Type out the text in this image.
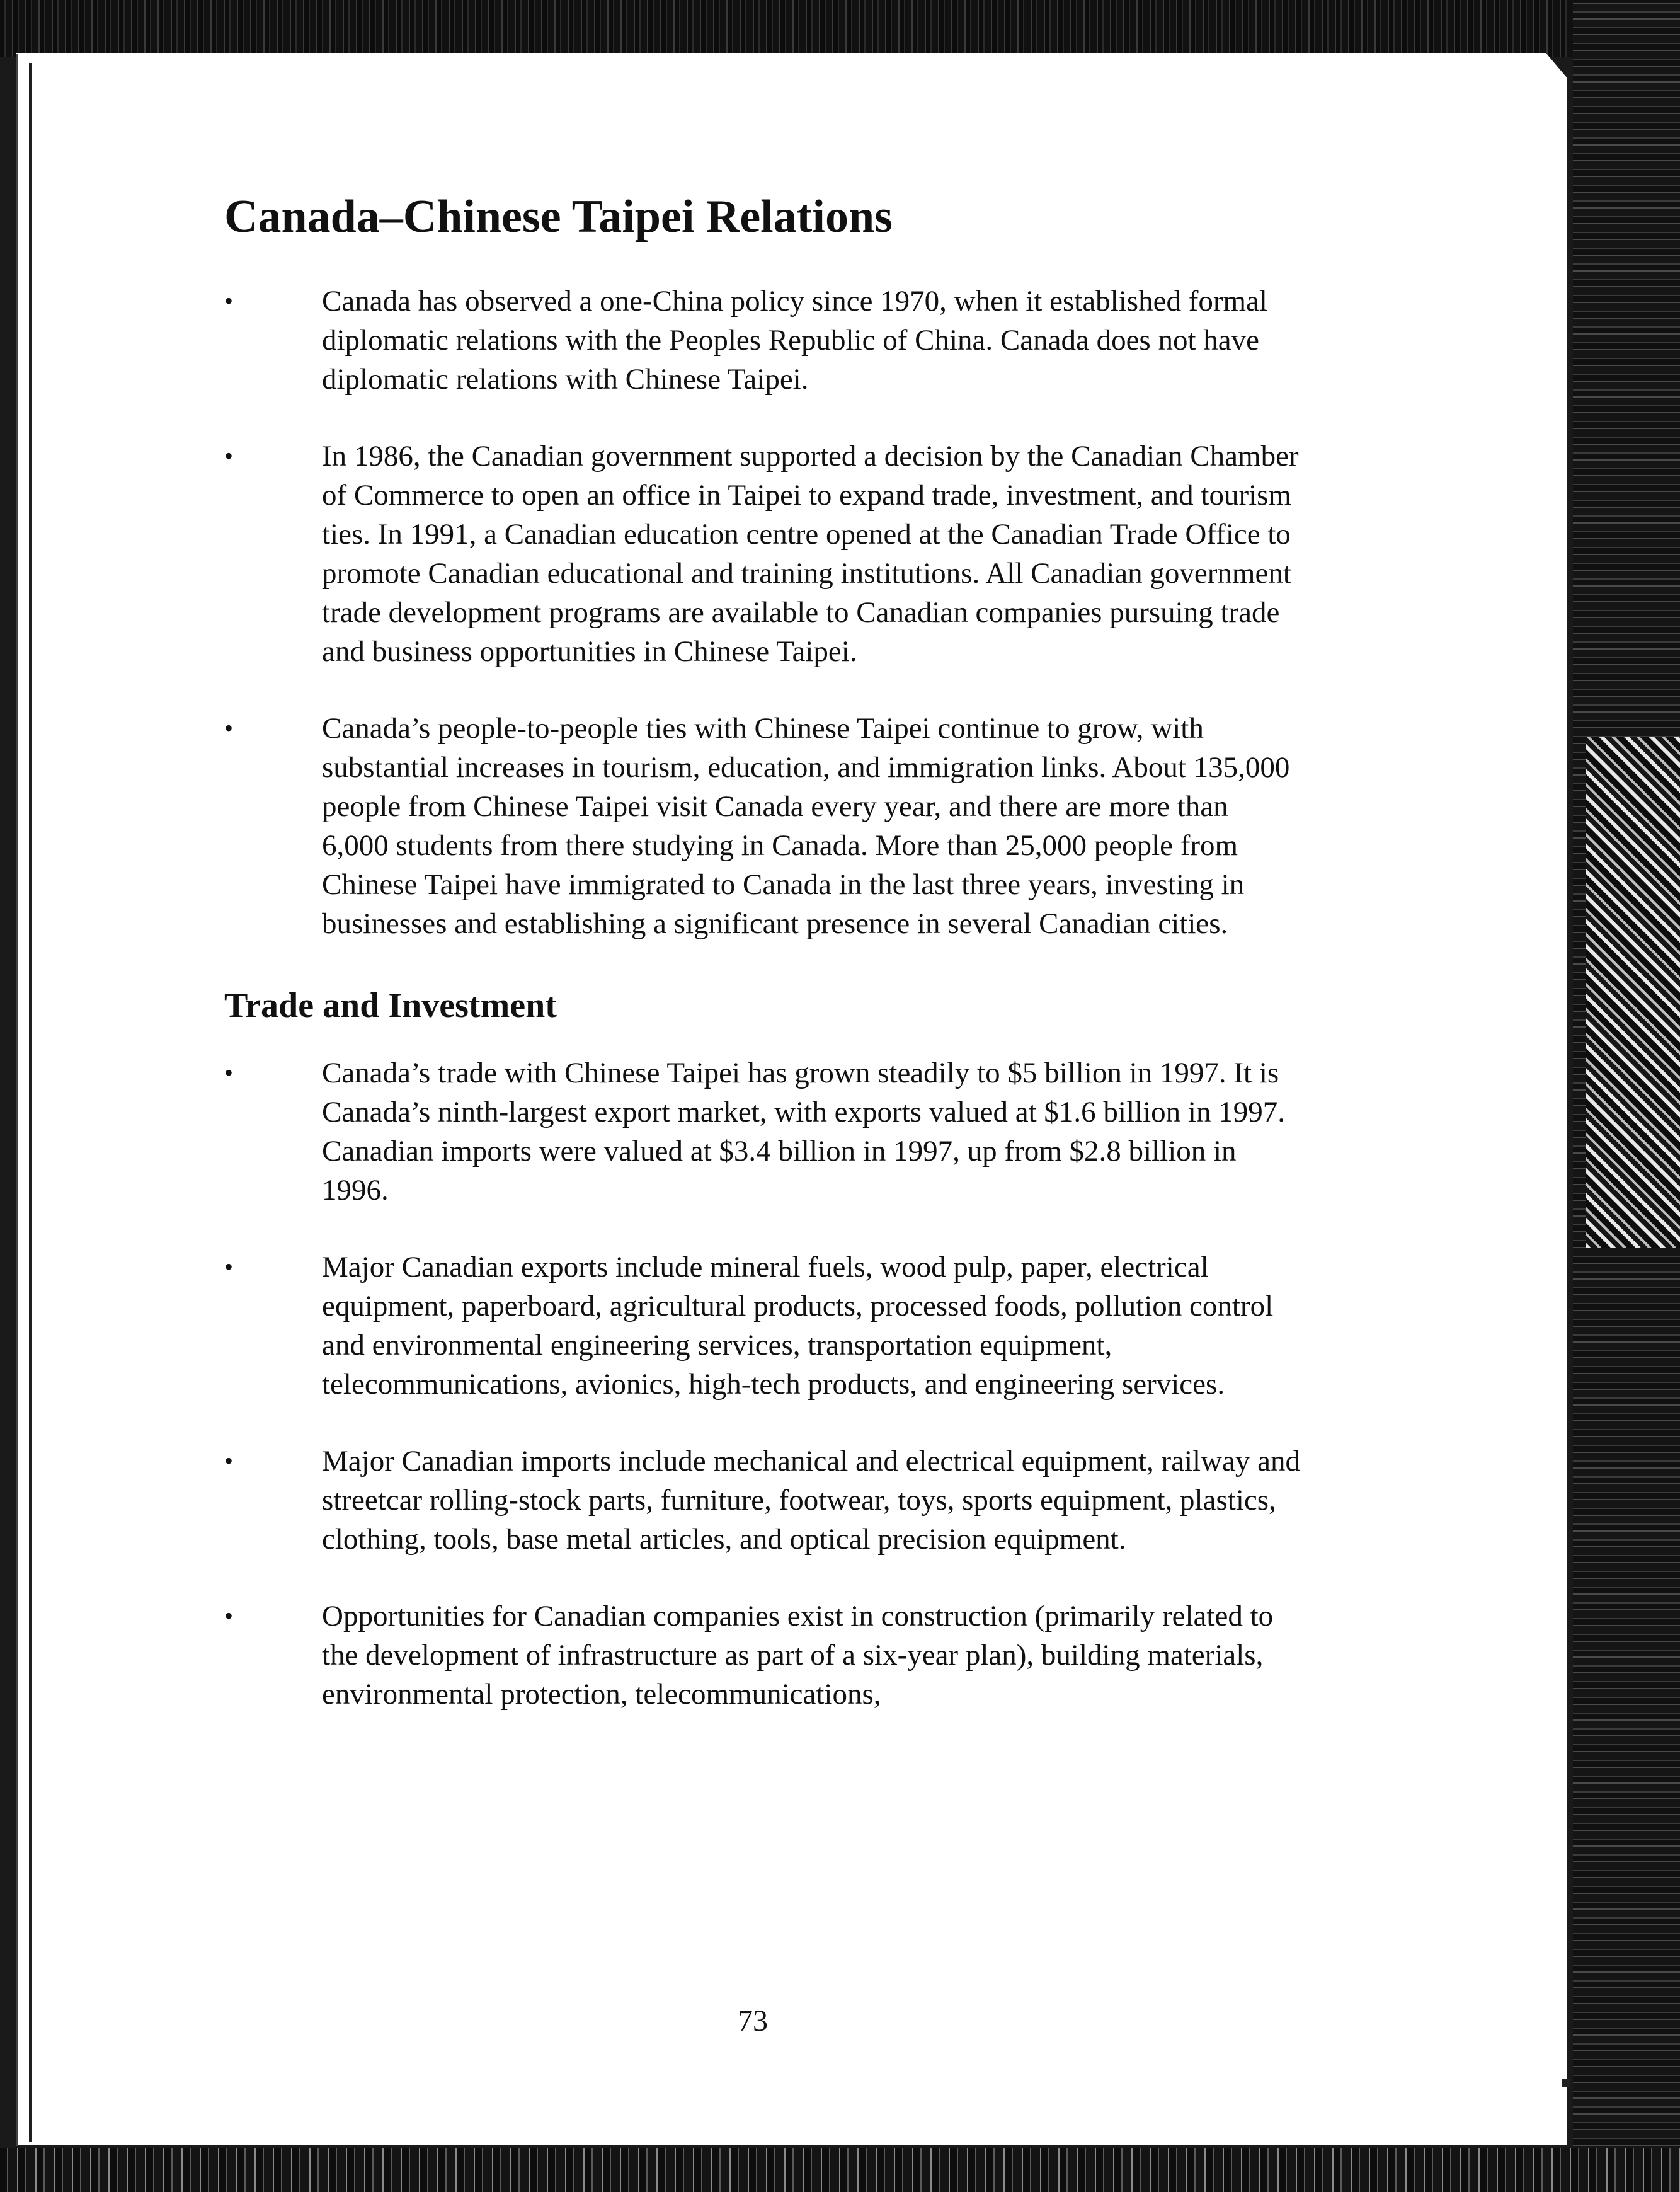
Canada–Chinese Taipei Relations
•	Canada has observed a one-China policy since 1970, when it established formal diplomatic relations with the Peoples Republic of China. Canada does not have diplomatic relations with Chinese Taipei.
•	In 1986, the Canadian government supported a decision by the Canadian Chamber of Commerce to open an office in Taipei to expand trade, investment, and tourism ties. In 1991, a Canadian education centre opened at the Canadian Trade Office to promote Canadian educational and training institutions. All Canadian government trade development programs are available to Canadian companies pursuing trade and business opportunities in Chinese Taipei.
•	Canada’s people-to-people ties with Chinese Taipei continue to grow, with substantial increases in tourism, education, and immigration links. About 135,000 people from Chinese Taipei visit Canada every year, and there are more than 6,000 students from there studying in Canada. More than 25,000 people from Chinese Taipei have immigrated to Canada in the last three years, investing in businesses and establishing a significant presence in several Canadian cities.
Trade and Investment
•	Canada’s trade with Chinese Taipei has grown steadily to $5 billion in 1997. It is Canada’s ninth-largest export market, with exports valued at $1.6 billion in 1997. Canadian imports were valued at $3.4 billion in 1997, up from $2.8 billion in 1996.
•	Major Canadian exports include mineral fuels, wood pulp, paper, electrical equipment, paperboard, agricultural products, processed foods, pollution control and environmental engineering services, transportation equipment, telecommunications, avionics, high-tech products, and engineering services.
•	Major Canadian imports include mechanical and electrical equipment, railway and streetcar rolling-stock parts, furniture, footwear, toys, sports equipment, plastics, clothing, tools, base metal articles, and optical precision equipment.
•	Opportunities for Canadian companies exist in construction (primarily related to the development of infrastructure as part of a six-year plan), building materials, environmental protection, telecommunications,
73
